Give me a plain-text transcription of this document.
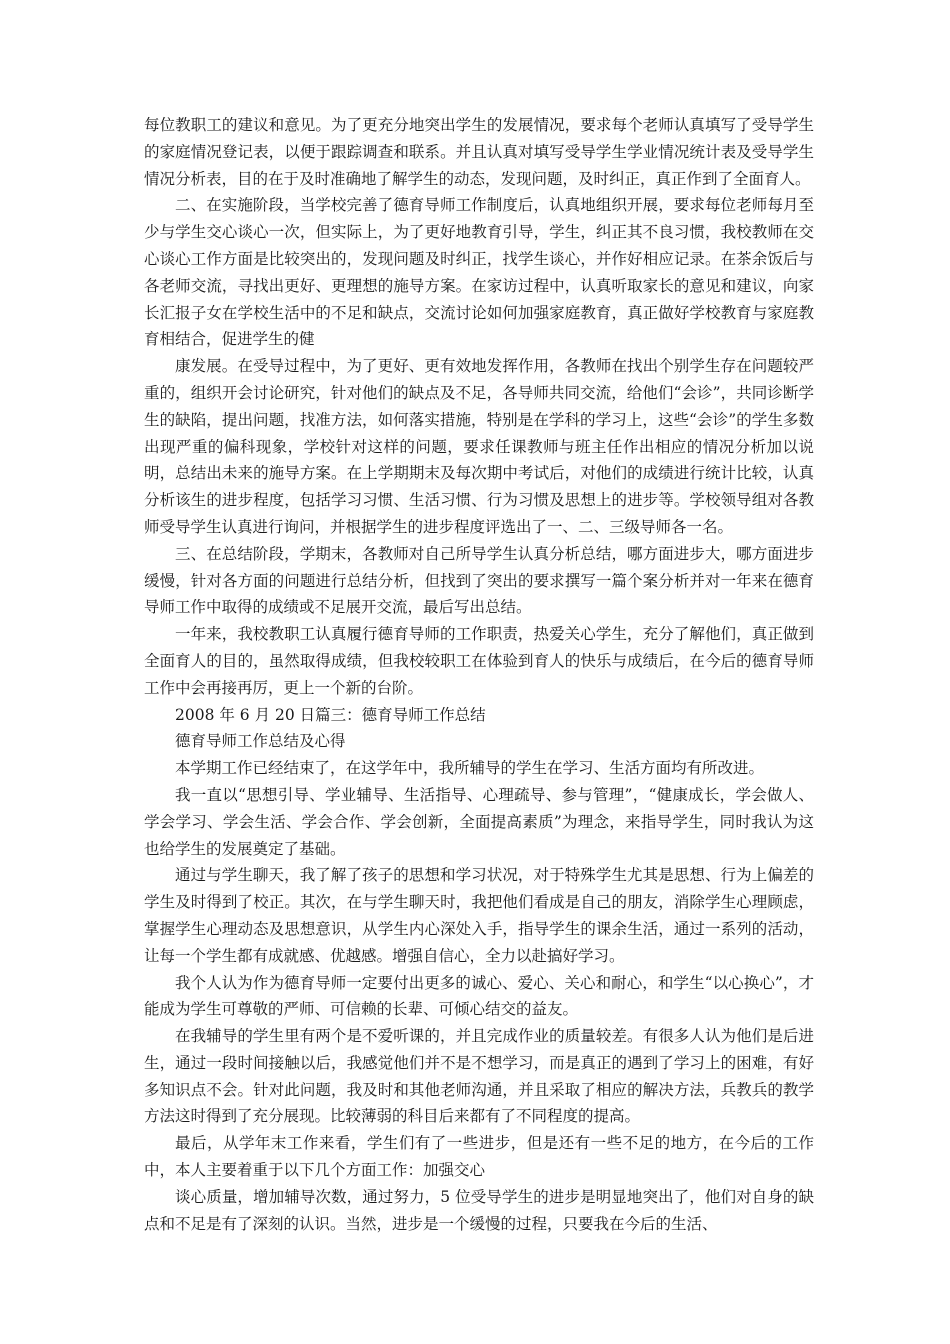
每位教职工的建议和意见。为了更充分地突出学生的发展情况，要求每个老师认真填写了受导学生的家庭情况登记表，以便于跟踪调查和联系。并且认真对填写受导学生学业情况统计表及受导学生情况分析表，目的在于及时准确地了解学生的动态，发现问题，及时纠正，真正作到了全面育人。

二、在实施阶段，当学校完善了德育导师工作制度后，认真地组织开展，要求每位老师每月至少与学生交心谈心一次，但实际上，为了更好地教育引导，学生，纠正其不良习惯，我校教师在交心谈心工作方面是比较突出的，发现问题及时纠正，找学生谈心，并作好相应记录。在茶余饭后与各老师交流，寻找出更好、更理想的施导方案。在家访过程中，认真听取家长的意见和建议，向家长汇报子女在学校生活中的不足和缺点，交流讨论如何加强家庭教育，真正做好学校教育与家庭教育相结合，促进学生的健

康发展。在受导过程中，为了更好、更有效地发挥作用，各教师在找出个别学生存在问题较严重的，组织开会讨论研究，针对他们的缺点及不足，各导师共同交流，给他们“会诊”，共同诊断学生的缺陷，提出问题，找准方法，如何落实措施，特别是在学科的学习上，这些“会诊”的学生多数出现严重的偏科现象，学校针对这样的问题，要求任课教师与班主任作出相应的情况分析加以说明，总结出未来的施导方案。在上学期期末及每次期中考试后，对他们的成绩进行统计比较，认真分析该生的进步程度，包括学习习惯、生活习惯、行为习惯及思想上的进步等。学校领导组对各教师受导学生认真进行询问，并根据学生的进步程度评选出了一、二、三级导师各一名。

三、在总结阶段，学期末，各教师对自己所导学生认真分析总结，哪方面进步大，哪方面进步缓慢，针对各方面的问题进行总结分析，但找到了突出的要求撰写一篇个案分析并对一年来在德育导师工作中取得的成绩或不足展开交流，最后写出总结。

一年来，我校教职工认真履行德育导师的工作职责，热爱关心学生，充分了解他们，真正做到全面育人的目的，虽然取得成绩，但我校较职工在体验到育人的快乐与成绩后，在今后的德育导师工作中会再接再厉，更上一个新的台阶。

2008 年 6 月 20 日篇三：德育导师工作总结

德育导师工作总结及心得

本学期工作已经结束了，在这学年中，我所辅导的学生在学习、生活方面均有所改进。

我一直以“思想引导、学业辅导、生活指导、心理疏导、参与管理”，“健康成长，学会做人、学会学习、学会生活、学会合作、学会创新，全面提高素质”为理念，来指导学生，同时我认为这也给学生的发展奠定了基础。

通过与学生聊天，我了解了孩子的思想和学习状况，对于特殊学生尤其是思想、行为上偏差的学生及时得到了校正。其次，在与学生聊天时，我把他们看成是自己的朋友，消除学生心理顾虑，掌握学生心理动态及思想意识，从学生内心深处入手，指导学生的课余生活，通过一系列的活动，让每一个学生都有成就感、优越感。增强自信心，全力以赴搞好学习。

我个人认为作为德育导师一定要付出更多的诚心、爱心、关心和耐心，和学生“以心换心”，才能成为学生可尊敬的严师、可信赖的长辈、可倾心结交的益友。

在我辅导的学生里有两个是不爱听课的，并且完成作业的质量较差。有很多人认为他们是后进生，通过一段时间接触以后，我感觉他们并不是不想学习，而是真正的遇到了学习上的困难，有好多知识点不会。针对此问题，我及时和其他老师沟通，并且采取了相应的解决方法，兵教兵的教学方法这时得到了充分展现。比较薄弱的科目后来都有了不同程度的提高。

最后，从学年末工作来看，学生们有了一些进步，但是还有一些不足的地方，在今后的工作中，本人主要着重于以下几个方面工作：加强交心

谈心质量，增加辅导次数，通过努力，5 位受导学生的进步是明显地突出了，他们对自身的缺点和不足是有了深刻的认识。当然，进步是一个缓慢的过程，只要我在今后的生活、
